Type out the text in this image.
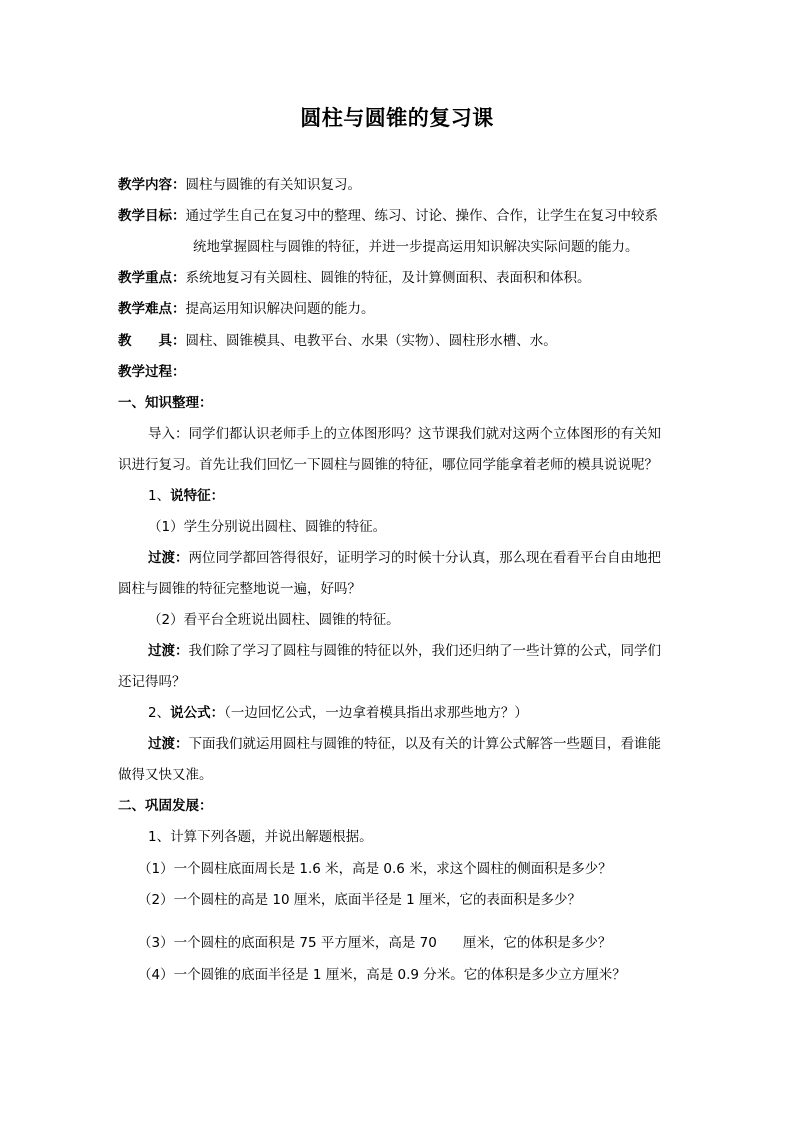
圆柱与圆锥的复习课
教学内容：圆柱与圆锥的有关知识复习。
教学目标：通过学生自己在复习中的整理、练习、讨论、操作、合作，让学生在复习中较系
统地掌握圆柱与圆锥的特征，并进一步提高运用知识解决实际问题的能力。
教学重点：系统地复习有关圆柱、圆锥的特征，及计算侧面积、表面积和体积。
教学难点：提高运用知识解决问题的能力。
教　　具：圆柱、圆锥模具、电教平台、水果（实物）、圆柱形水槽、水。
教学过程：
一、知识整理：
导入：同学们都认识老师手上的立体图形吗？这节课我们就对这两个立体图形的有关知
识进行复习。首先让我们回忆一下圆柱与圆锥的特征，哪位同学能拿着老师的模具说说呢？
1、说特征：
（1）学生分别说出圆柱、圆锥的特征。
过渡：两位同学都回答得很好，证明学习的时候十分认真，那么现在看看平台自由地把
圆柱与圆锥的特征完整地说一遍，好吗？
（2）看平台全班说出圆柱、圆锥的特征。
过渡：我们除了学习了圆柱与圆锥的特征以外，我们还归纳了一些计算的公式，同学们
还记得吗？
2、说公式：（一边回忆公式，一边拿着模具指出求那些地方？）
过渡：下面我们就运用圆柱与圆锥的特征，以及有关的计算公式解答一些题目，看谁能
做得又快又准。
二、巩固发展：
1、计算下列各题，并说出解题根据。
（1）一个圆柱底面周长是 1.6 米，高是 0.6 米，求这个圆柱的侧面积是多少？
（2）一个圆柱的高是 10 厘米，底面半径是 1 厘米，它的表面积是多少？
（3）一个圆柱的底面积是 75 平方厘米，高是 70 厘米，它的体积是多少？
（4）一个圆锥的底面半径是 1 厘米，高是 0.9 分米。它的体积是多少立方厘米？
